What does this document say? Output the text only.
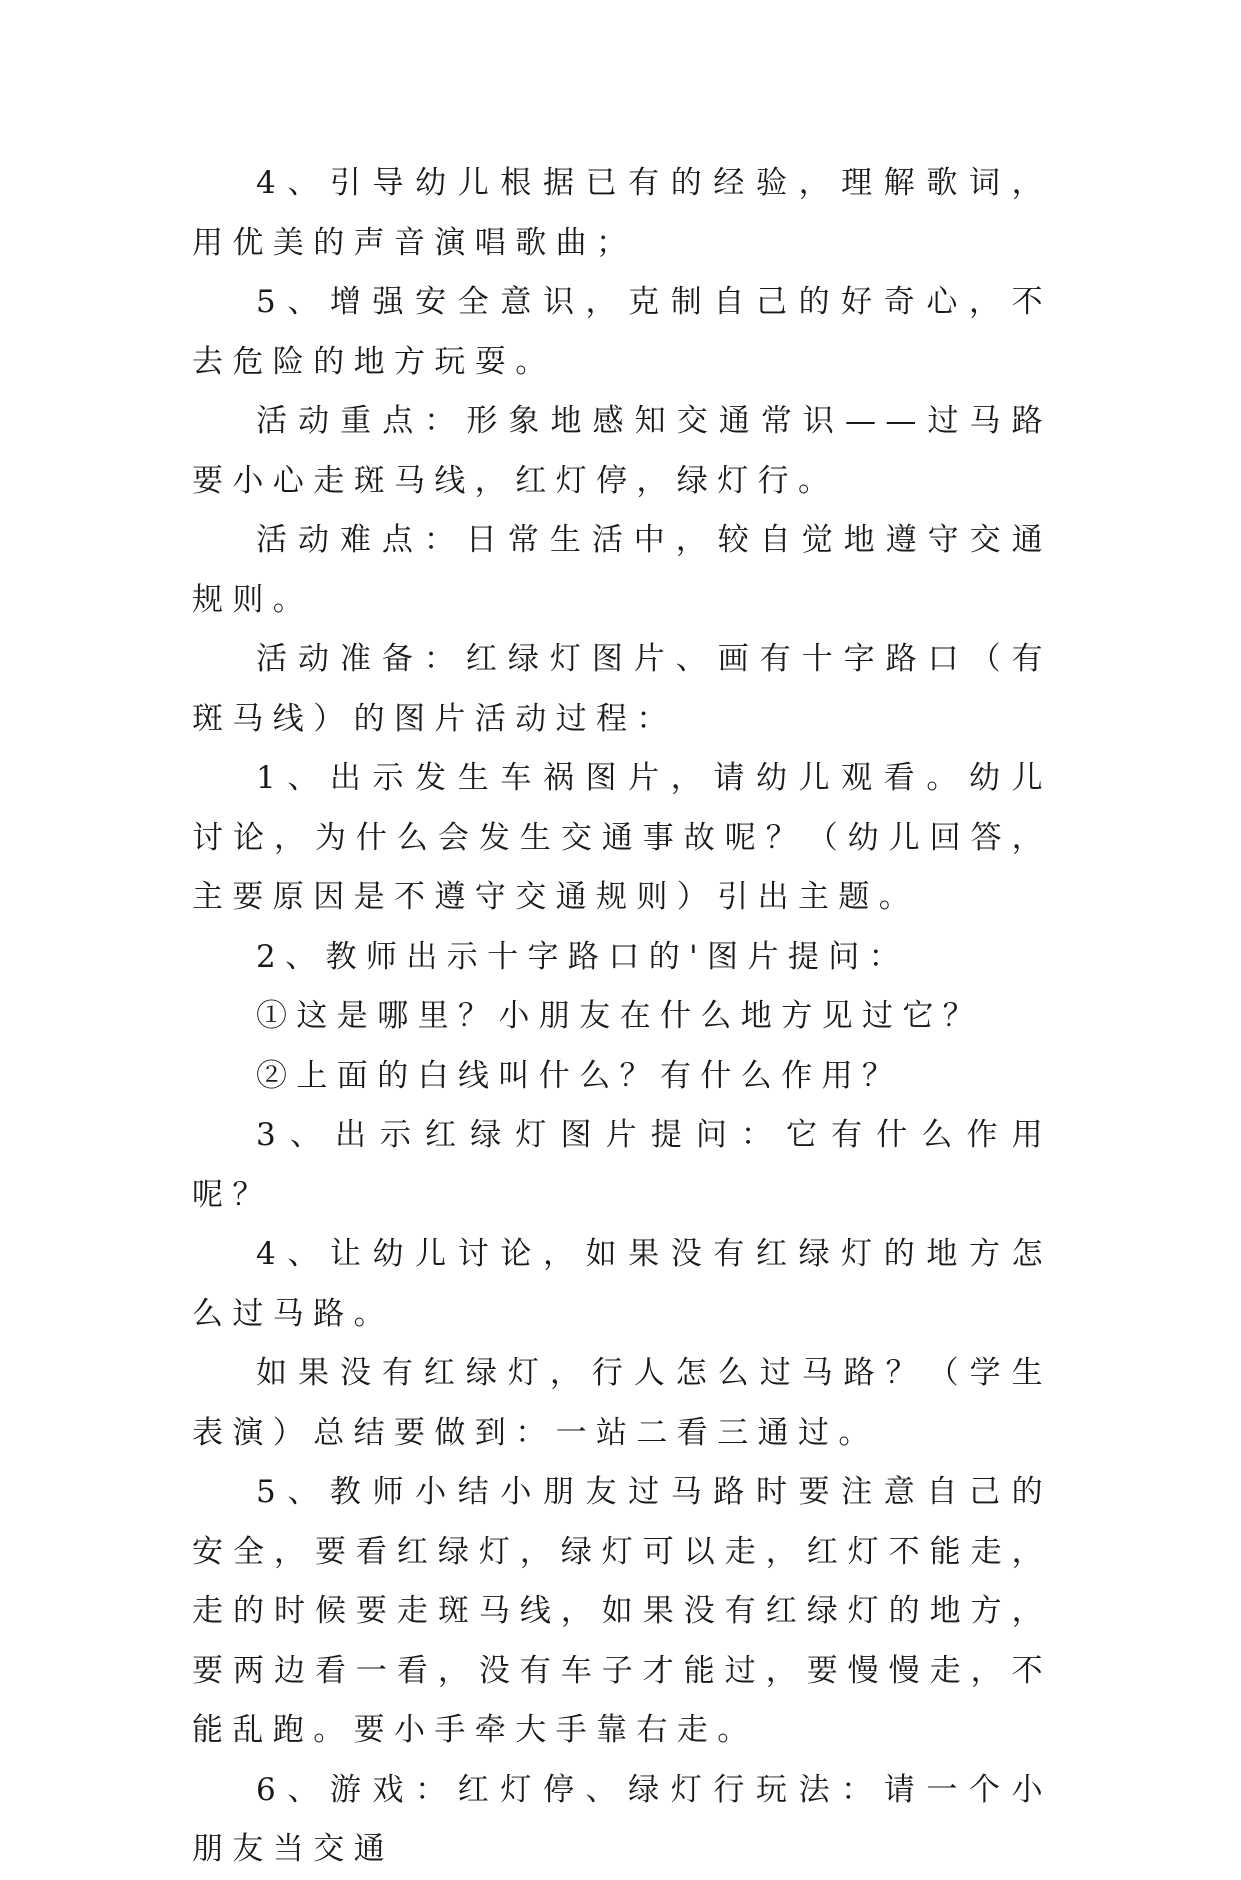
4、引导幼儿根据已有的经验，理解歌词，用优美的声音演唱歌曲；

5、增强安全意识，克制自己的好奇心，不去危险的地方玩耍。

活动重点：形象地感知交通常识——过马路要小心走斑马线，红灯停，绿灯行。

活动难点：日常生活中，较自觉地遵守交通规则。

活动准备：红绿灯图片、画有十字路口（有斑马线）的图片活动过程：

1、出示发生车祸图片，请幼儿观看。幼儿讨论，为什么会发生交通事故呢？（幼儿回答，主要原因是不遵守交通规则）引出主题。

2、教师出示十字路口的'图片提问：

①这是哪里？小朋友在什么地方见过它？

②上面的白线叫什么？有什么作用？

3、出示红绿灯图片提问：它有什么作用呢？

4、让幼儿讨论，如果没有红绿灯的地方怎么过马路。

如果没有红绿灯，行人怎么过马路？（学生表演）总结要做到：一站二看三通过。

5、教师小结小朋友过马路时要注意自己的安全，要看红绿灯，绿灯可以走，红灯不能走，走的时候要走斑马线，如果没有红绿灯的地方，要两边看一看，没有车子才能过，要慢慢走，不能乱跑。要小手牵大手靠右走。

6、游戏：红灯停、绿灯行玩法：请一个小朋友当交通
